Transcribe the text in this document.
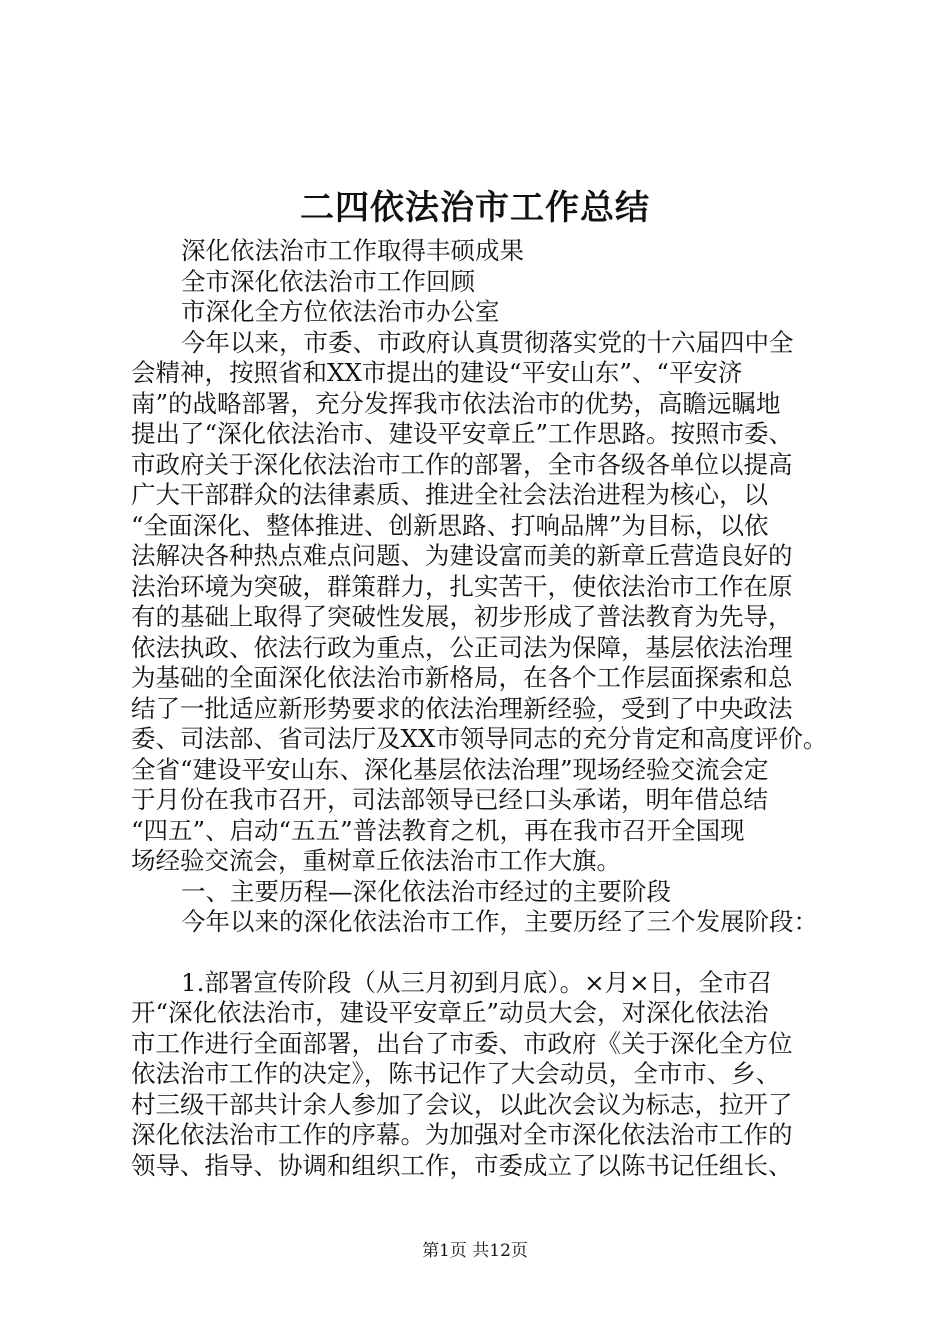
二四依法治市工作总结
深化依法治市工作取得丰硕成果
全市深化依法治市工作回顾
市深化全方位依法治市办公室
今年以来，市委、市政府认真贯彻落实党的十六届四中全
会精神，按照省和XX市提出的建设“平安山东”、“平安济
南”的战略部署，充分发挥我市依法治市的优势，高瞻远瞩地
提出了“深化依法治市、建设平安章丘”工作思路。按照市委、
市政府关于深化依法治市工作的部署，全市各级各单位以提高
广大干部群众的法律素质、推进全社会法治进程为核心，以
“全面深化、整体推进、创新思路、打响品牌”为目标，以依
法解决各种热点难点问题、为建设富而美的新章丘营造良好的
法治环境为突破，群策群力，扎实苦干，使依法治市工作在原
有的基础上取得了突破性发展，初步形成了普法教育为先导，
依法执政、依法行政为重点，公正司法为保障，基层依法治理
为基础的全面深化依法治市新格局，在各个工作层面探索和总
结了一批适应新形势要求的依法治理新经验，受到了中央政法
委、司法部、省司法厅及XX市领导同志的充分肯定和高度评价。
全省“建设平安山东、深化基层依法治理”现场经验交流会定
于月份在我市召开，司法部领导已经口头承诺，明年借总结
“四五”、启动“五五”普法教育之机，再在我市召开全国现
场经验交流会，重树章丘依法治市工作大旗。
一、主要历程—深化依法治市经过的主要阶段
今年以来的深化依法治市工作，主要历经了三个发展阶段：
1.部署宣传阶段（从三月初到月底）。×月×日，全市召
开“深化依法治市，建设平安章丘”动员大会，对深化依法治
市工作进行全面部署，出台了市委、市政府《关于深化全方位
依法治市工作的决定》，陈书记作了大会动员，全市市、乡、
村三级干部共计余人参加了会议，以此次会议为标志，拉开了
深化依法治市工作的序幕。为加强对全市深化依法治市工作的
领导、指导、协调和组织工作，市委成立了以陈书记任组长、
第1页 共12页
